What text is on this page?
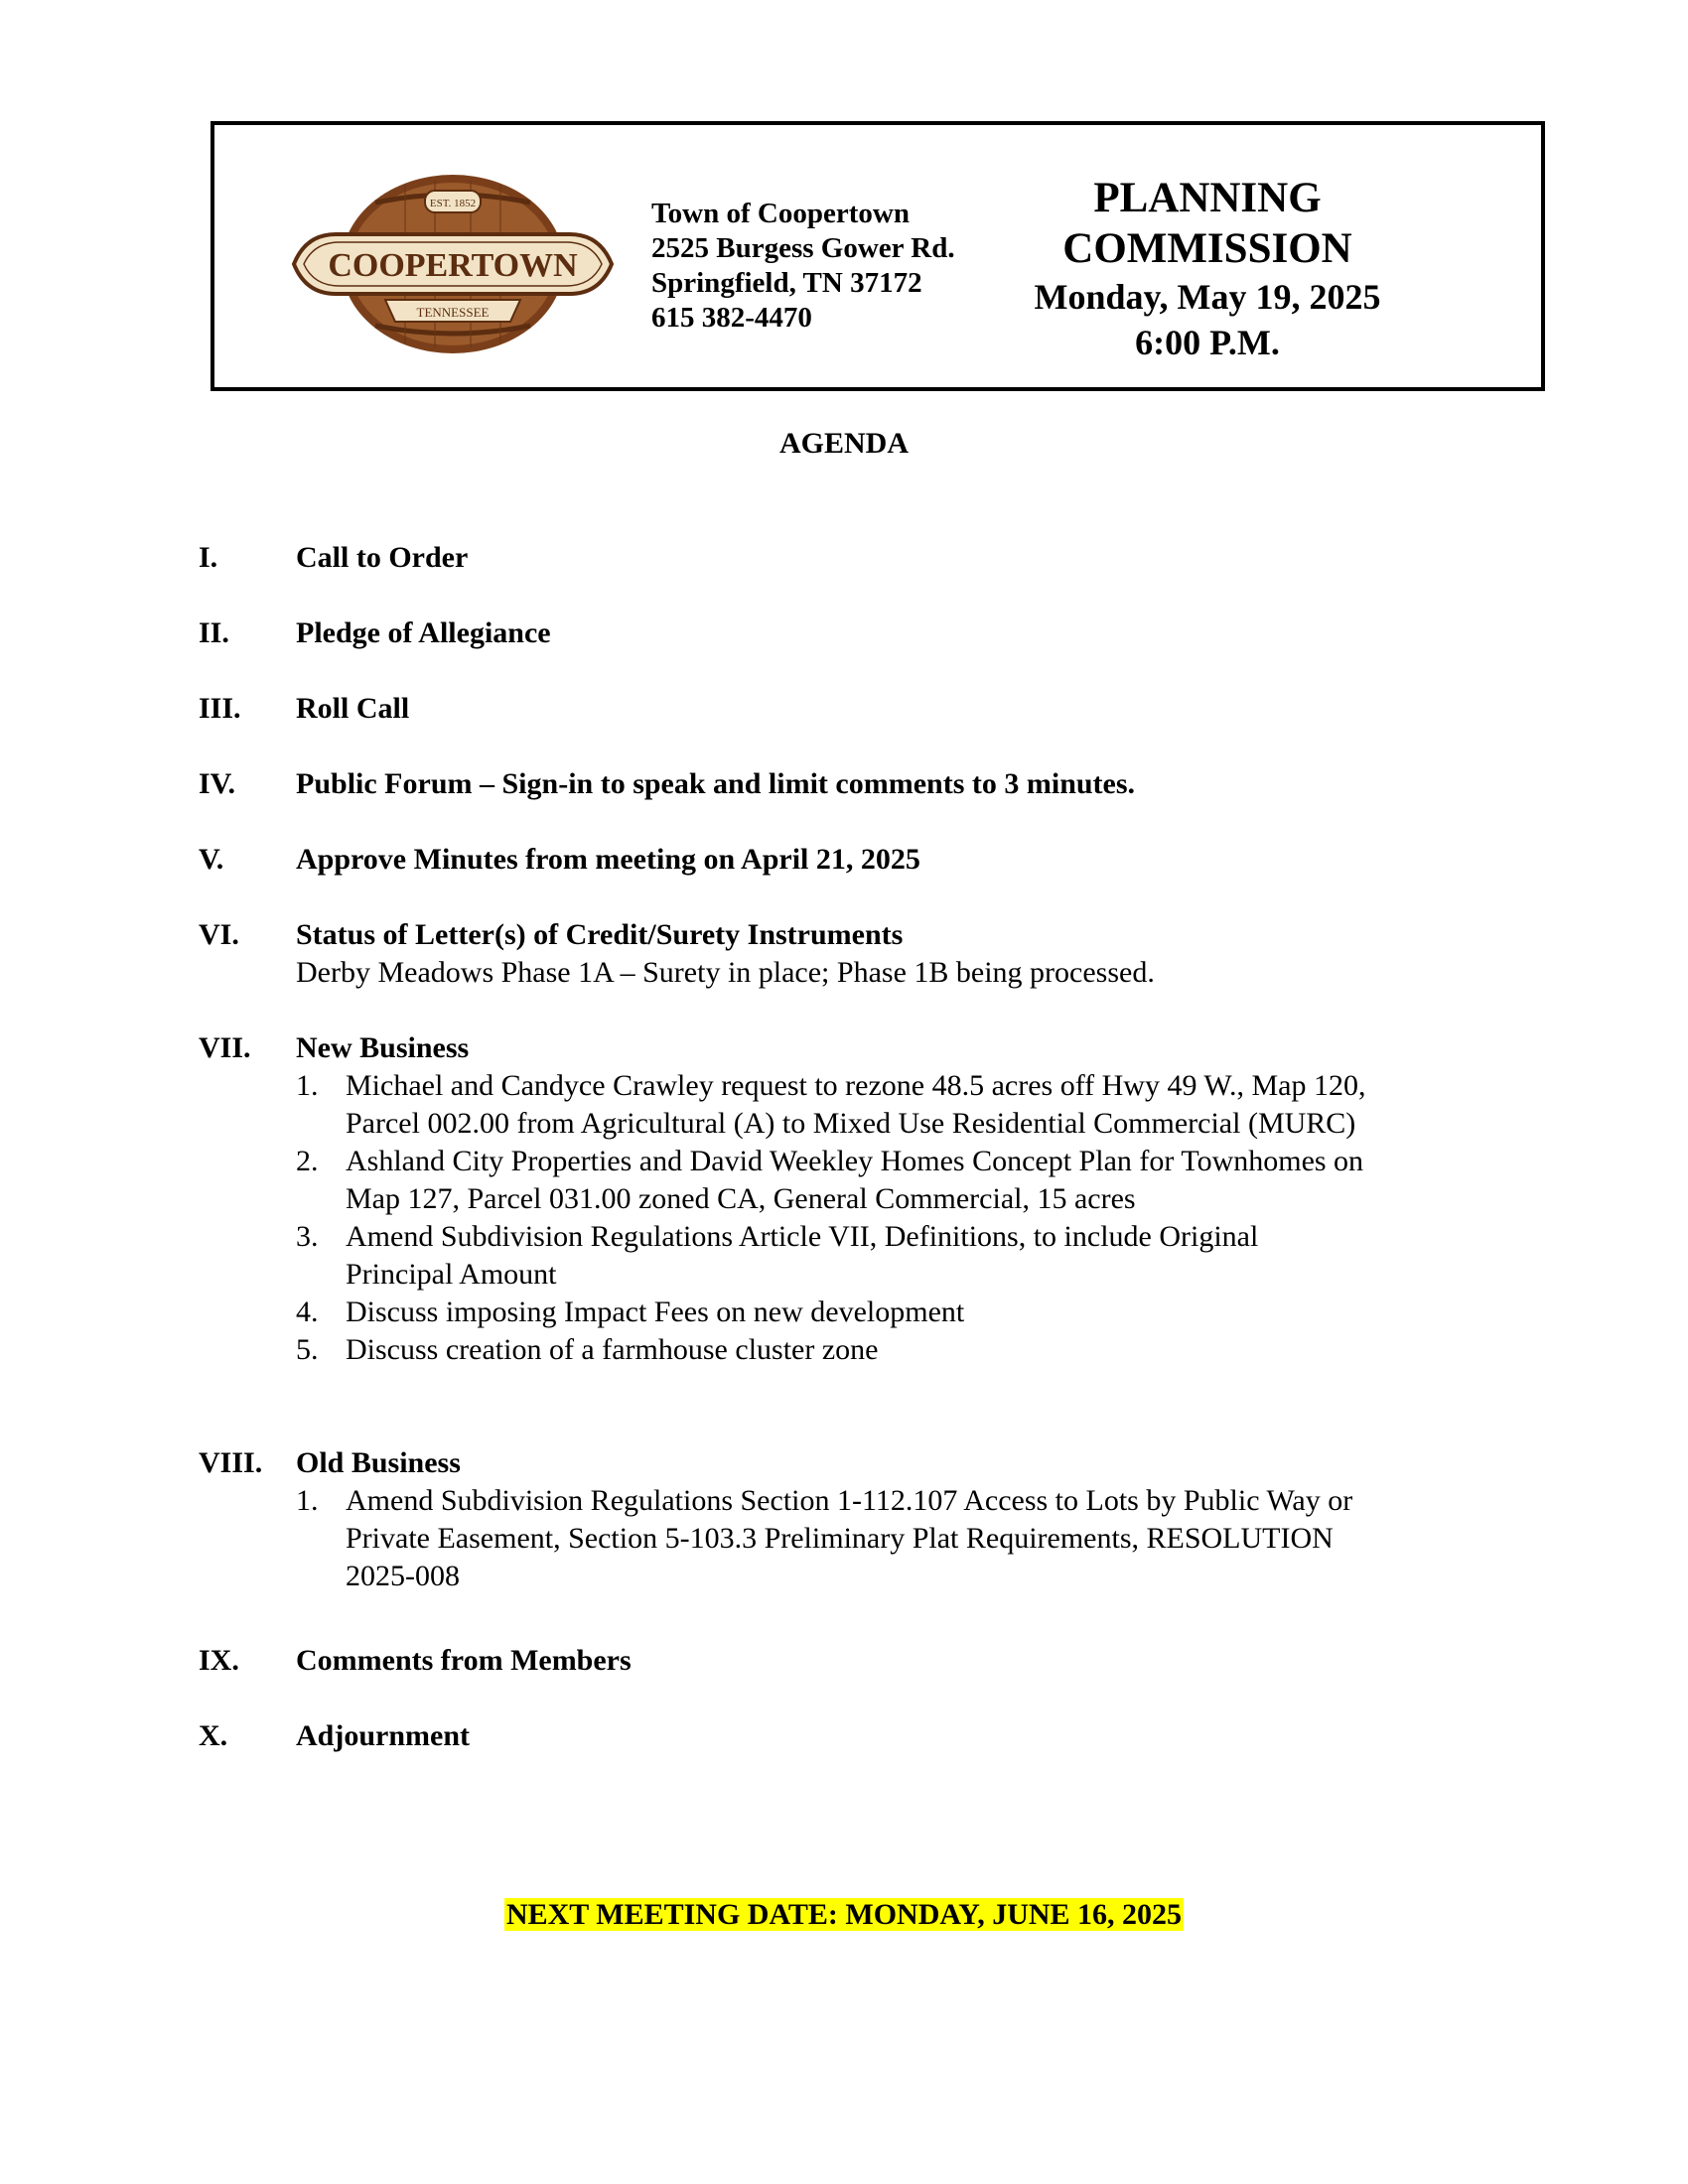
EST. 1852
COOPERTOWN
TENNESSEE
Town of Coopertown
2525 Burgess Gower Rd.
Springfield, TN 37172
615 382-4470
PLANNING
COMMISSION
Monday, May 19, 2025
6:00 P.M.
AGENDA
I.	Call to Order
II. Pledge of Allegiance
III. Roll Call
IV. Public Forum – Sign-in to speak and limit comments to 3 minutes.
V. Approve Minutes from meeting on April 21, 2025
VI. Status of Letter(s) of Credit/Surety Instruments
Derby Meadows Phase 1A – Surety in place; Phase 1B being processed.
VII. New Business
1. Michael and Candyce Crawley request to rezone 48.5 acres off Hwy 49 W., Map 120,
Parcel 002.00 from Agricultural (A) to Mixed Use Residential Commercial (MURC)
2. Ashland City Properties and David Weekley Homes Concept Plan for Townhomes on
Map 127, Parcel 031.00 zoned CA, General Commercial, 15 acres
3. Amend Subdivision Regulations Article VII, Definitions, to include Original
Principal Amount
4. Discuss imposing Impact Fees on new development
5. Discuss creation of a farmhouse cluster zone
VIII. Old Business
1. Amend Subdivision Regulations Section 1-112.107 Access to Lots by Public Way or
Private Easement, Section 5-103.3 Preliminary Plat Requirements, RESOLUTION
2025-008
IX. Comments from Members
X. Adjournment
NEXT MEETING DATE: MONDAY, JUNE 16, 2025
